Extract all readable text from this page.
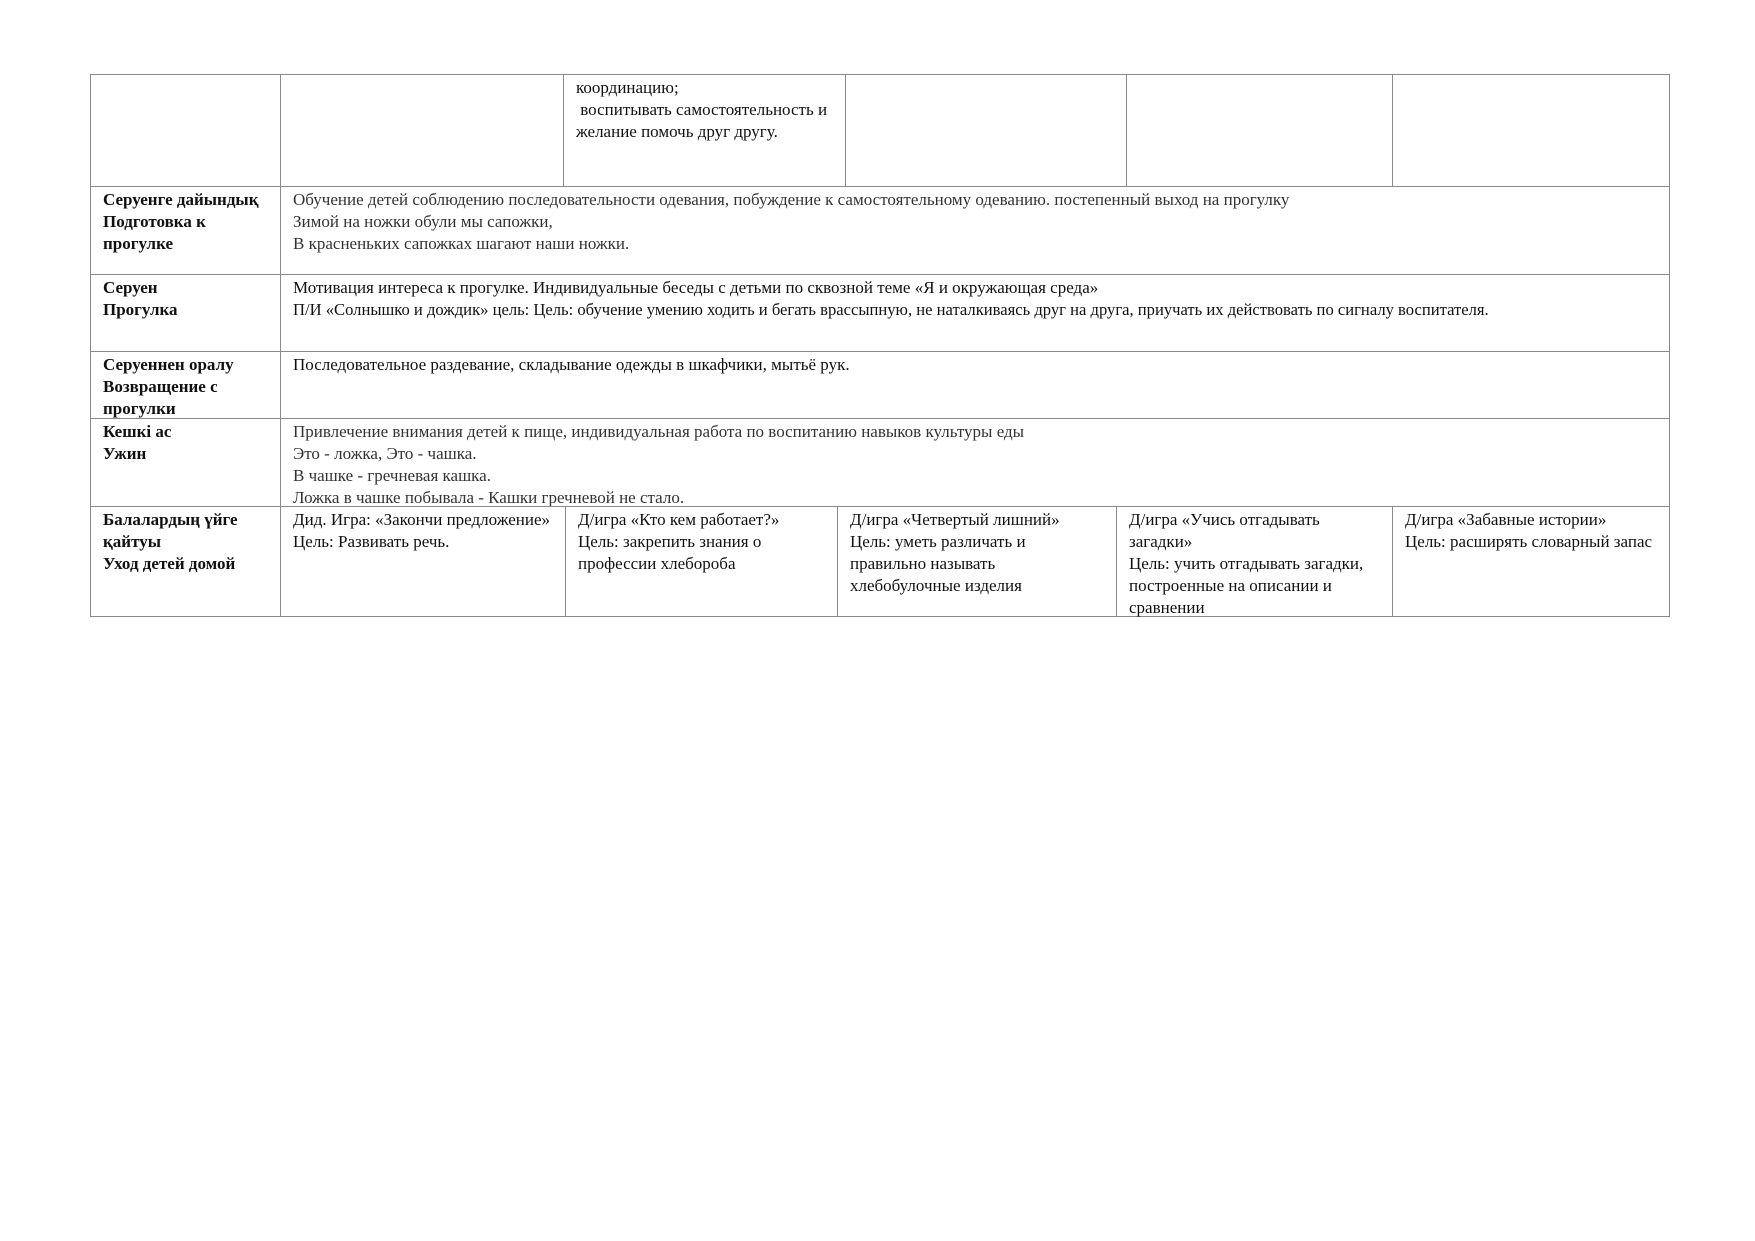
координацию;
воспитывать самостоятельность и желание помочь друг другу.
Серуенге дайындық
Подготовка к прогулке
Обучение детей соблюдению последовательности одевания, побуждение к самостоятельному одеванию. постепенный выход на прогулку
Зимой на ножки обули мы сапожки,
В красненьких сапожках шагают наши ножки.
Серуен
Прогулка
Мотивация интереса к прогулке. Индивидуальные беседы с детьми по сквозной теме «Я и окружающая среда»
П/И «Солнышко и дождик» цель: Цель: обучение умению ходить и бегать врассыпную, не наталкиваясь друг на друга, приучать их действовать по сигналу воспитателя.
Серуеннен оралу
Возвращение с прогулки
Последовательное раздевание, складывание одежды в шкафчики, мытьё рук.
Кешкі ас
Ужин
Привлечение внимания детей к пище, индивидуальная работа по воспитанию навыков культуры еды
Это - ложка, Это - чашка.
В чашке - гречневая кашка.
Ложка в чашке побывала - Кашки гречневой не стало.
Балалардың үйге қайтуы
Уход детей домой
Дид. Игра: «Закончи предложение»
Цель: Развивать речь.
Д/игра «Кто кем работает?»
Цель: закрепить знания о профессии хлебороба
Д/игра «Четвертый лишний»
Цель: уметь различать и правильно называть хлебобулочные изделия
Д/игра «Учись отгадывать загадки»
Цель: учить отгадывать загадки, построенные на описании и сравнении
Д/игра «Забавные истории»
Цель: расширять словарный запас
